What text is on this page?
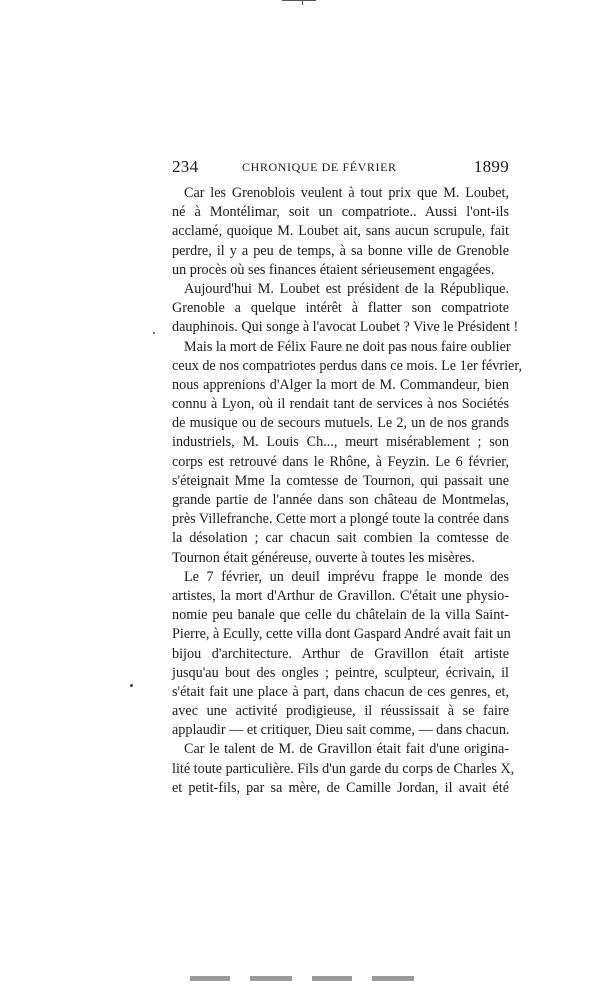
234	CHRONIQUE DE FÉVRIER	1899
Car les Grenoblois veulent à tout prix que M. Loubet,
né à Montélimar, soit un compatriote.. Aussi l'ont-ils
acclamé, quoique M. Loubet ait, sans aucun scrupule, fait
perdre, il y a peu de temps, à sa bonne ville de Grenoble
un procès où ses finances étaient sérieusement engagées.
Aujourd'hui M. Loubet est président de la République.
Grenoble a quelque intérêt à flatter son compatriote
dauphinois. Qui songe à l'avocat Loubet ? Vive le Président !
Mais la mort de Félix Faure ne doit pas nous faire oublier
ceux de nos compatriotes perdus dans ce mois. Le 1er février,
nous apprenions d'Alger la mort de M. Commandeur, bien
connu à Lyon, où il rendait tant de services à nos Sociétés
de musique ou de secours mutuels. Le 2, un de nos grands
industriels, M. Louis Ch..., meurt misérablement ; son
corps est retrouvé dans le Rhône, à Feyzin. Le 6 février,
s'éteignait Mme la comtesse de Tournon, qui passait une
grande partie de l'année dans son château de Montmelas,
près Villefranche. Cette mort a plongé toute la contrée dans
la désolation ; car chacun sait combien la comtesse de
Tournon était généreuse, ouverte à toutes les misères.
Le 7 février, un deuil imprévu frappe le monde des
artistes, la mort d'Arthur de Gravillon. C'était une physio-
nomie peu banale que celle du châtelain de la villa Saint-
Pierre, à Ecully, cette villa dont Gaspard André avait fait un
bijou d'architecture. Arthur de Gravillon était artiste
jusqu'au bout des ongles ; peintre, sculpteur, écrivain, il
s'était fait une place à part, dans chacun de ces genres, et,
avec une activité prodigieuse, il réussissait à se faire
applaudir — et critiquer, Dieu sait comme, — dans chacun.
Car le talent de M. de Gravillon était fait d'une origina-
lité toute particulière. Fils d'un garde du corps de Charles X,
et petit-fils, par sa mère, de Camille Jordan, il avait été
